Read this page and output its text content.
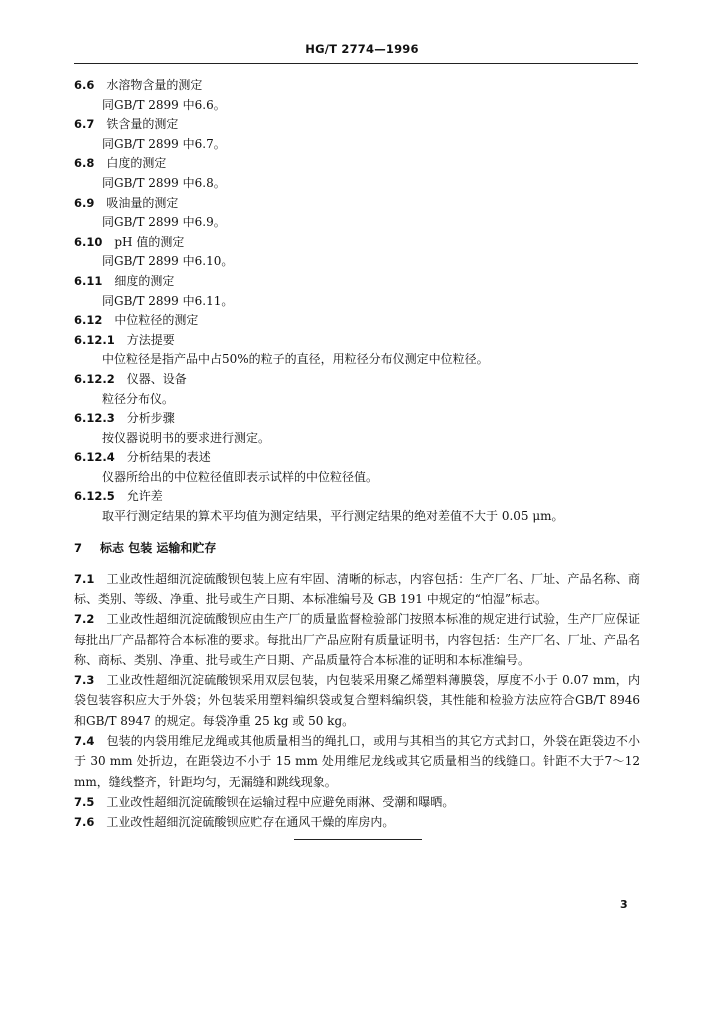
HG/T 2774—1996
6.6 水溶物含量的测定
同GB/T 2899 中6.6。
6.7 铁含量的测定
同GB/T 2899 中6.7。
6.8 白度的测定
同GB/T 2899 中6.8。
6.9 吸油量的测定
同GB/T 2899 中6.9。
6.10 pH 值的测定
同GB/T 2899 中6.10。
6.11 细度的测定
同GB/T 2899 中6.11。
6.12 中位粒径的测定
6.12.1 方法提要
中位粒径是指产品中占50%的粒子的直径，用粒径分布仪测定中位粒径。
6.12.2 仪器、设备
粒径分布仪。
6.12.3 分析步骤
按仪器说明书的要求进行测定。
6.12.4 分析结果的表述
仪器所给出的中位粒径值即表示试样的中位粒径值。
6.12.5 允许差
取平行测定结果的算术平均值为测定结果，平行测定结果的绝对差值不大于 0.05 μm。
7 标志 包装 运输和贮存

7.1 工业改性超细沉淀硫酸钡包装上应有牢固、清晰的标志，内容包括：生产厂名、厂址、产品名称、商标、类别、等级、净重、批号或生产日期、本标准编号及 GB 191 中规定的“怕湿”标志。

7.2 工业改性超细沉淀硫酸钡应由生产厂的质量监督检验部门按照本标准的规定进行试验，生产厂应保证每批出厂产品都符合本标准的要求。每批出厂产品应附有质量证明书，内容包括：生产厂名、厂址、产品名称、商标、类别、净重、批号或生产日期、产品质量符合本标准的证明和本标准编号。

7.3 工业改性超细沉淀硫酸钡采用双层包装，内包装采用聚乙烯塑料薄膜袋，厚度不小于 0.07 mm，内袋包装容积应大于外袋；外包装采用塑料编织袋或复合塑料编织袋，其性能和检验方法应符合GB/T 8946和GB/T 8947 的规定。每袋净重 25 kg 或 50 kg。

7.4 包装的内袋用维尼龙绳或其他质量相当的绳扎口，或用与其相当的其它方式封口，外袋在距袋边不小于 30 mm 处折边，在距袋边不小于 15 mm 处用维尼龙线或其它质量相当的线缝口。针距不大于7～12 mm，缝线整齐，针距均匀，无漏缝和跳线现象。

7.5 工业改性超细沉淀硫酸钡在运输过程中应避免雨淋、受潮和曝晒。

7.6 工业改性超细沉淀硫酸钡应贮存在通风干燥的库房内。

3
